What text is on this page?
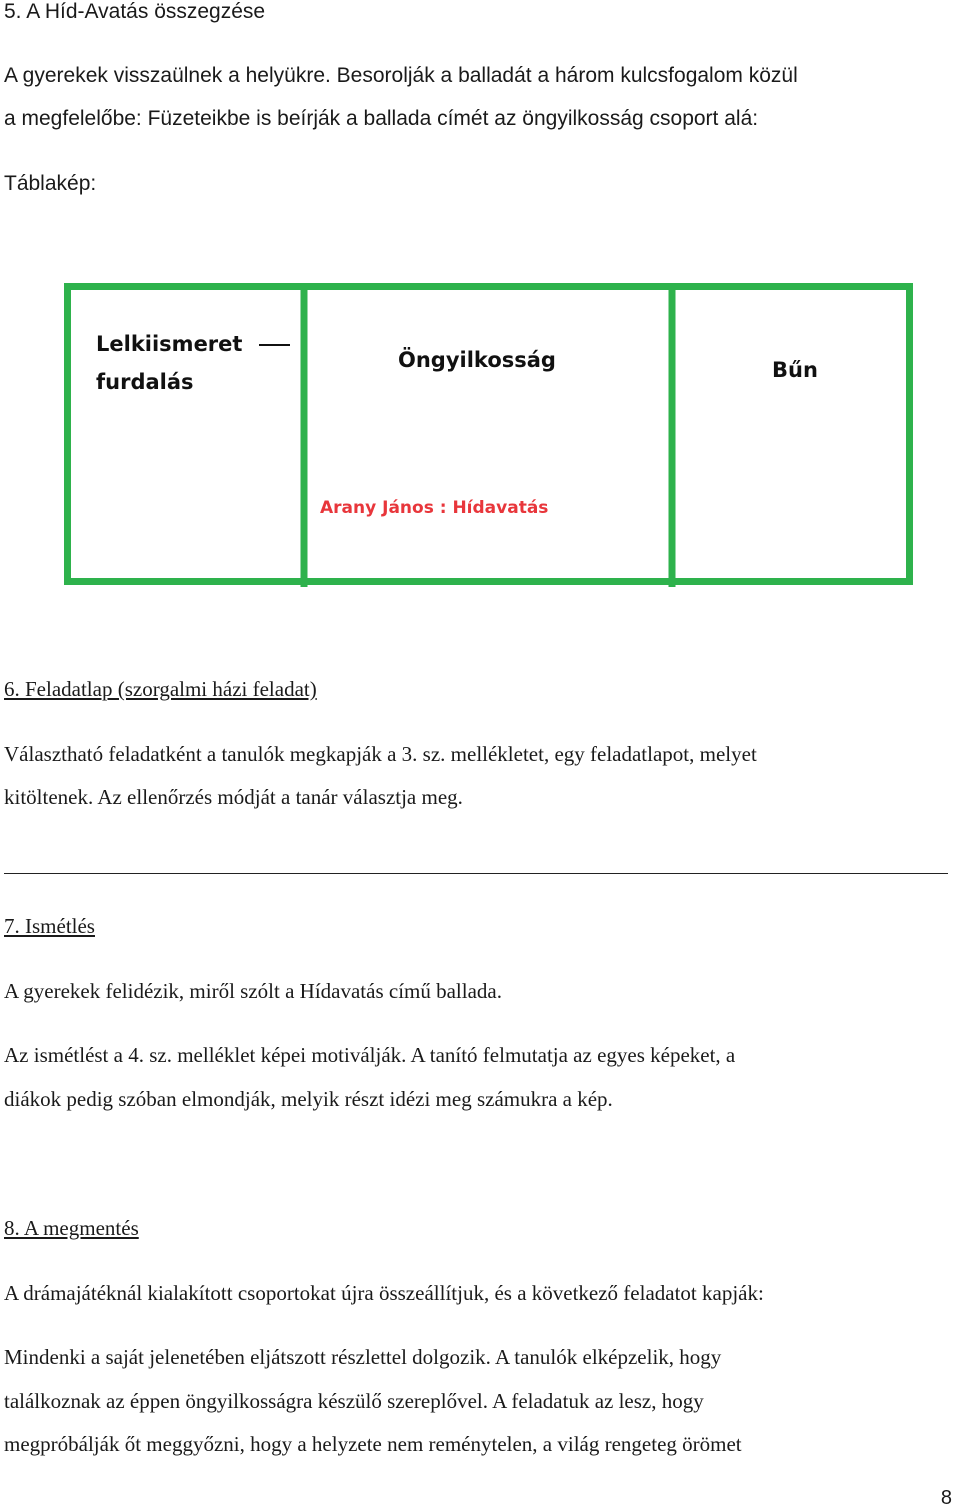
5. A Híd-Avatás összegzése
A gyerekek visszaülnek a helyükre. Besorolják a balladát a három kulcsfogalom közül
a megfelelőbe: Füzeteikbe is beírják a ballada címét az öngyilkosság csoport alá:
Táblakép:
Lelkiismeret
furdalás
Öngyilkosság	Bűn
Arany János : Hídavatás
6. Feladatlap (szorgalmi házi feladat)
Választható feladatként a tanulók megkapják a 3. sz. mellékletet, egy feladatlapot, melyet
kitöltenek. Az ellenőrzés módját a tanár választja meg.
7. Ismétlés
A gyerekek felidézik, miről szólt a Hídavatás című ballada.
Az ismétlést a 4. sz. melléklet képei motiválják. A tanító felmutatja az egyes képeket, a
diákok pedig szóban elmondják, melyik részt idézi meg számukra a kép.
8. A megmentés
A drámajátéknál kialakított csoportokat újra összeállítjuk, és a következő feladatot kapják:
Mindenki a saját jelenetében eljátszott részlettel dolgozik. A tanulók elképzelik, hogy
találkoznak az éppen öngyilkosságra készülő szereplővel. A feladatuk az lesz, hogy
megpróbálják őt meggyőzni, hogy a helyzete nem reménytelen, a világ rengeteg örömet
8
